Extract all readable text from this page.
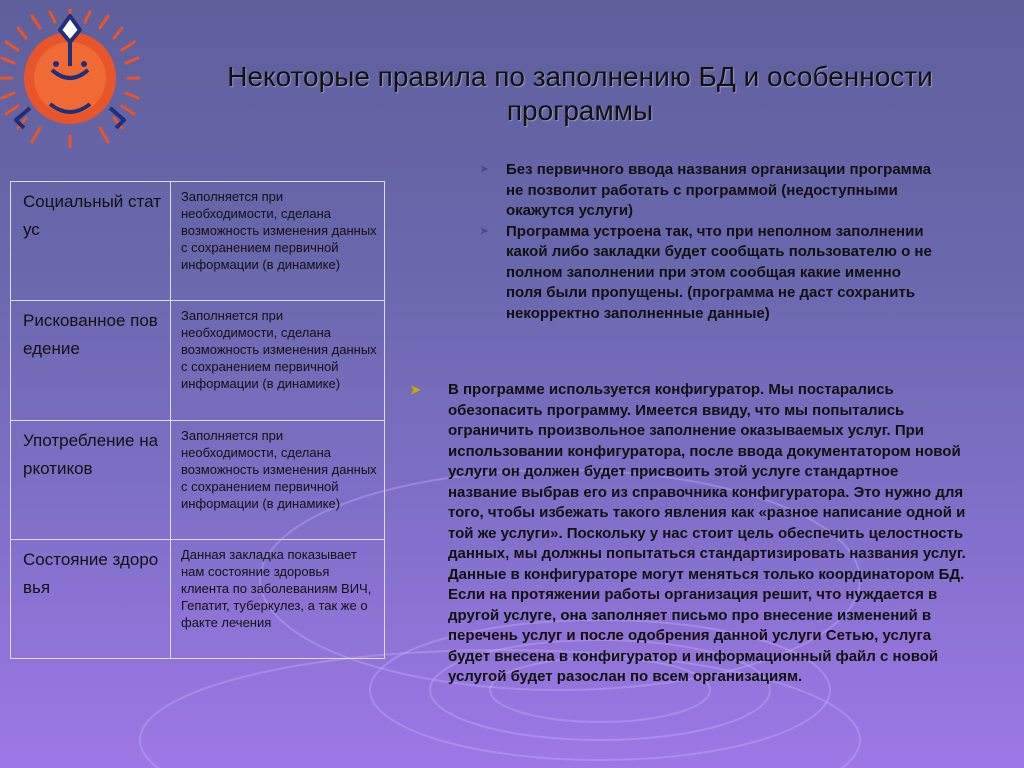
Некоторые правила по заполнению БД и особенности программы
Социальный статус	Заполняется при необходимости, сделана возможность изменения данных с сохранением первичной информации (в динамике)
Рискованное поведение	Заполняется при необходимости, сделана возможность изменения данных с сохранением первичной информации (в динамике)
Употребление наркотиков	Заполняется при необходимости, сделана возможность изменения данных с сохранением первичной информации (в динамике)
Состояние здоровья	Данная закладка показывает нам состояние здоровья клиента по заболеваниям ВИЧ, Гепатит, туберкулез, а так же о факте лечения
➤ Без первичного ввода названия организации программа не позволит работать с программой (недоступными окажутся услуги)
➤ Программа устроена так, что при неполном заполнении какой либо закладки будет сообщать пользователю о не полном заполнении при этом сообщая какие именно поля были пропущены. (программа не даст сохранить некорректно заполненные данные)
➤ В программе используется конфигуратор. Мы постарались обезопасить программу. Имеется ввиду, что мы попытались ограничить произвольное заполнение оказываемых услуг. При использовании конфигуратора, после ввода документатором новой услуги он должен будет присвоить этой услуге стандартное название выбрав его из справочника конфигуратора. Это нужно для того, чтобы избежать такого явления как «разное написание одной и той же услуги». Поскольку у нас стоит цель обеспечить целостность данных, мы должны попытаться стандартизировать названия услуг. Данные в конфигураторе могут меняться только координатором БД. Если на протяжении работы организация решит, что нуждается в другой услуге, она заполняет письмо про внесение изменений в перечень услуг и после одобрения данной услуги Сетью, услуга будет внесена в конфигуратор и информационный файл с новой услугой будет разослан по всем организациям.
